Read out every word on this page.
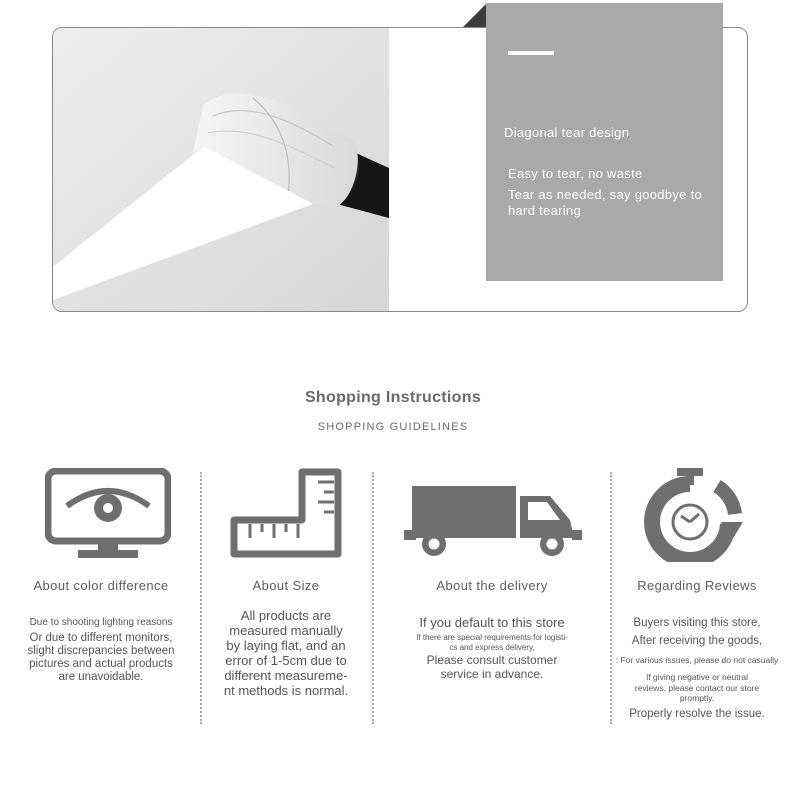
Diagonal tear design
Easy to tear, no waste
Tear as needed, say goodbye to hard tearing
Shopping Instructions
SHOPPING GUIDELINES
About color difference
Due to shooting lighting reasons
Or due to different monitors,
slight discrepancies between
pictures and actual products
are unavoidable.
About Size
All products are
measured manually
by laying flat, and an
error of 1-5cm due to
different measureme-
nt methods is normal.
About the delivery
If you default to this store
If there are special requirements for logisti-
cs and express delivery,
Please consult customer
service in advance.
Regarding Reviews
Buyers visiting this store,
After receiving the goods,
: For various issues, please do not casually
If giving negative or neutral
reviews, please contact our store
promptly.
Properly resolve the issue.
